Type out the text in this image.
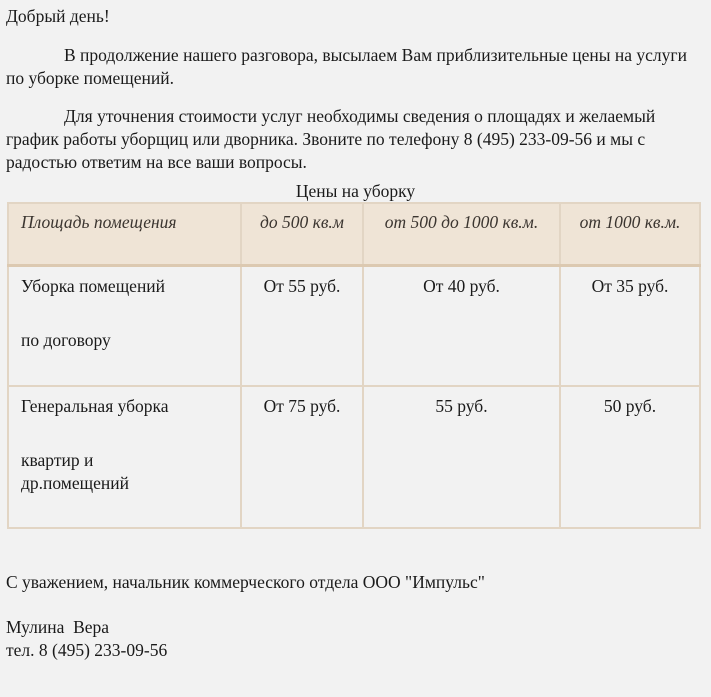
Добрый день!

В продолжение нашего разговора, высылаем Вам приблизительные цены на услуги по уборке помещений.

Для уточнения стоимости услуг необходимы сведения о площадях и желаемый график работы уборщиц или дворника. Звоните по телефону 8 (495) 233-09-56 и мы с радостью ответим на все ваши вопросы.

Цены на уборку
Площадь помещения	до 500 кв.м	от 500 до 1000 кв.м.	от 1000 кв.м.

Уборка помещений
по договору	От 55 руб.	От 40 руб.	От 35 руб.

Генеральная уборка
квартир и др.помещений	От 75 руб.	55 руб.	50 руб.

С уважением, начальник коммерческого отдела ООО "Импульс"

Мулина  Вера

тел. 8 (495) 233-09-56
